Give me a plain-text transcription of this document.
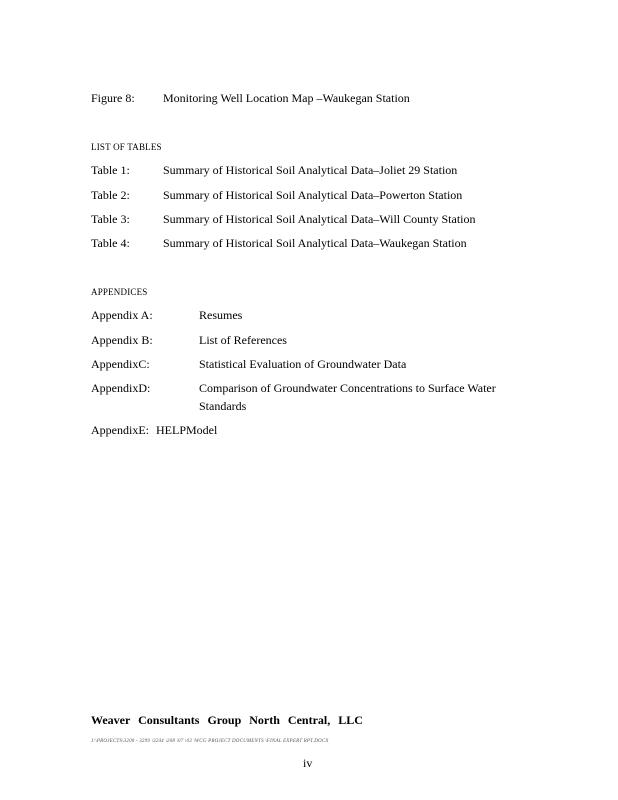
Figure 8: Monitoring Well Location Map –Waukegan Station
LIST OF TABLES
Table 1:	Summary of Historical Soil Analytical Data–Joliet 29 Station
Table 2:	Summary of Historical Soil Analytical Data–Powerton Station
Table 3:	Summary of Historical Soil Analytical Data–Will County Station
Table 4:	Summary of Historical Soil Analytical Data–Waukegan Station
APPENDICES
Appendix A:	Resumes
Appendix B:	List of References
AppendixC:	Statistical Evaluation of Groundwater Data
AppendixD:	Comparison of Groundwater Concentrations to Surface Water
Standards
AppendixE: HELPModel
Weaver Consultants Group North Central, LLC
J:\PROJECTS\3200 - 3299 \3244 \208 \07 \03 \WCG PROJECT DOCUMENTS \FINAL EXPERT RPT.DOCX
iv
